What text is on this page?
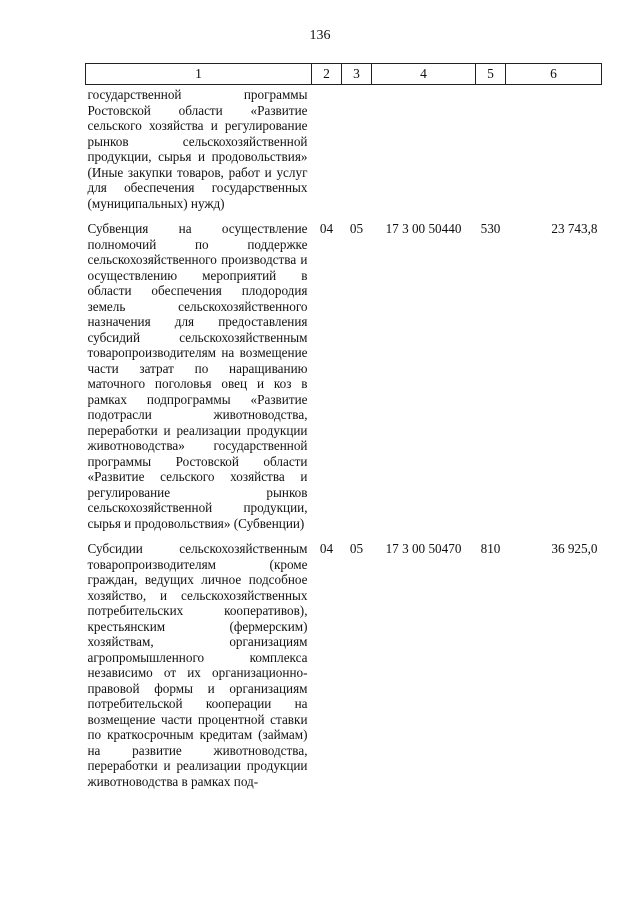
136
1	2	3	4	5	6
государственной программы Ростовской области «Развитие сельского хозяйства и регулирование рынков сельскохозяйственной продукции, сырья и продовольствия» (Иные закупки товаров, работ и услуг для обеспечения государственных (муниципальных) нужд)					
Субвенция на осуществление полномочий по поддержке сельскохозяйственного производства и осуществлению мероприятий в области обеспечения плодородия земель сельскохозяйственного назначения для предоставления субсидий сельскохозяйственным товаропроизводителям на возмещение части затрат по наращиванию маточного поголовья овец и коз в рамках подпрограммы «Развитие подотрасли животноводства, переработки и реализации продукции животноводства» государственной программы Ростовской области «Развитие сельского хозяйства и регулирование рынков сельскохозяйственной продукции, сырья и продовольствия» (Субвенции)	04	05	17 3 00 50440	530	23 743,8
Субсидии сельскохозяйственным товаропроизводителям (кроме граждан, ведущих личное подсобное хозяйство, и сельскохозяйственных потребительских кооперативов), крестьянским (фермерским) хозяйствам, организациям агропромышленного комплекса независимо от их организационно-правовой формы и организациям потребительской кооперации на возмещение части процентной ставки по краткосрочным кредитам (займам) на развитие животноводства, переработки и реализации продукции животноводства в рамках под-	04	05	17 3 00 50470	810	36 925,0
